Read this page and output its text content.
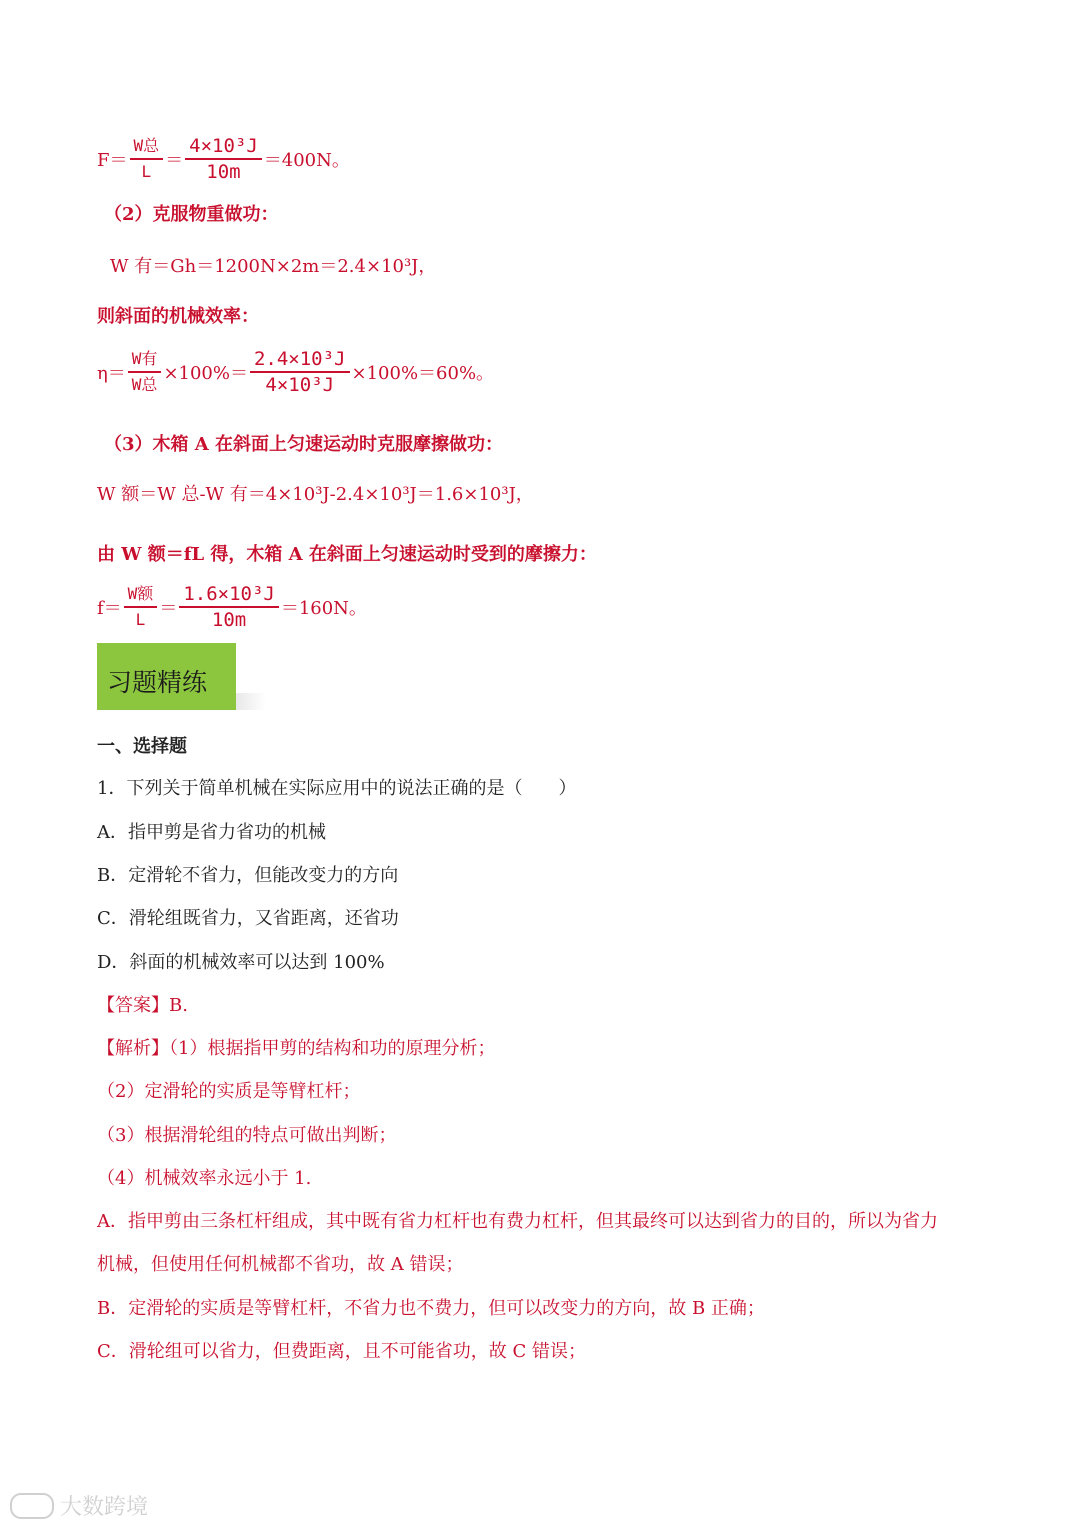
$F= \frac{\text{W总}}{L} = \frac{\text{4×10³J}}{10m} =400N$。
（2）克服物重做功：
W 有＝Gh＝1200N×2m＝2.4×10³J，
则斜面的机械效率：
$\eta= \frac{\text{W有}}{\text{W总}} \times 100\%= \frac{\text{2.4×10³J}}{\text{4×10³J}} \times 100\%=60\%$。
（3）木箱 A 在斜面上匀速运动时克服摩擦做功：
W 额＝W 总-W 有＝4×10³J-2.4×10³J＝1.6×10³J，
由 W 额＝fL 得，木箱 A 在斜面上匀速运动时受到的摩擦力：
$f= \frac{\text{W额}}{L} = \frac{\text{1.6×10³J}}{10m} =160N$。
习题精练
一、选择题
1．下列关于简单机械在实际应用中的说法正确的是（　　）
A．指甲剪是省力省功的机械
B．定滑轮不省力，但能改变力的方向
C．滑轮组既省力，又省距离，还省功
D．斜面的机械效率可以达到 100%
【答案】B.
【解析】（1）根据指甲剪的结构和功的原理分析；
（2）定滑轮的实质是等臂杠杆；
（3）根据滑轮组的特点可做出判断；
（4）机械效率永远小于 1.
A．指甲剪由三条杠杆组成，其中既有省力杠杆也有费力杠杆，但其最终可以达到省力的目的，所以为省力
机械，但使用任何机械都不省功，故 A 错误；
B．定滑轮的实质是等臂杠杆，不省力也不费力，但可以改变力的方向，故 B 正确；
C．滑轮组可以省力，但费距离，且不可能省功，故 C 错误；
大数跨境
